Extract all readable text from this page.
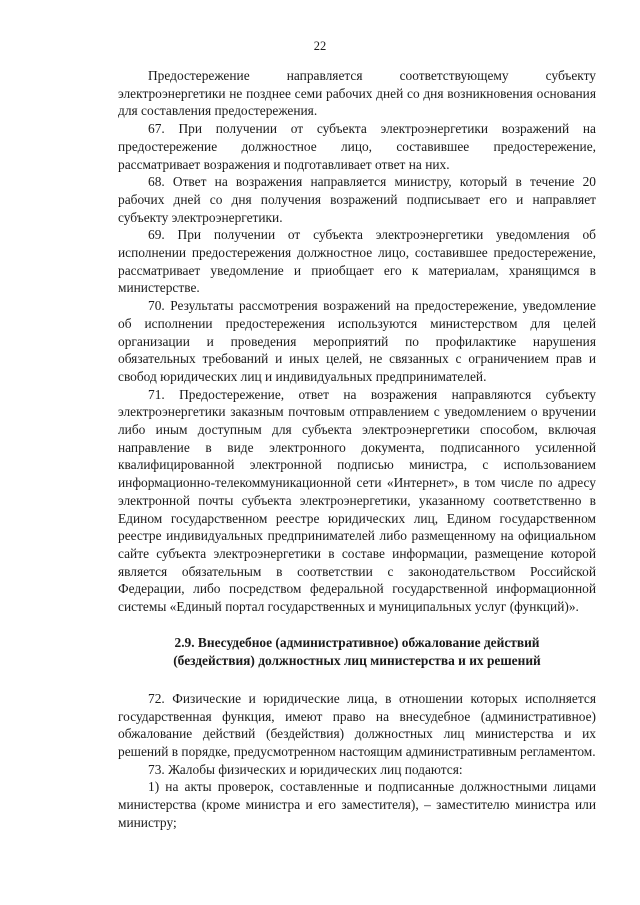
22

Предостережение направляется соответствующему субъекту электроэнергетики не позднее семи рабочих дней со дня возникновения основания для составления предостережения.

67. При получении от субъекта электроэнергетики возражений на предостережение должностное лицо, составившее предостережение, рассматривает возражения и подготавливает ответ на них.

68. Ответ на возражения направляется министру, который в течение 20 рабочих дней со дня получения возражений подписывает его и направляет субъекту электроэнергетики.

69. При получении от субъекта электроэнергетики уведомления об исполнении предостережения должностное лицо, составившее предостережение, рассматривает уведомление и приобщает его к материалам, хранящимся в министерстве.

70. Результаты рассмотрения возражений на предостережение, уведомление об исполнении предостережения используются министерством для целей организации и проведения мероприятий по профилактике нарушения обязательных требований и иных целей, не связанных с ограничением прав и свобод юридических лиц и индивидуальных предпринимателей.

71. Предостережение, ответ на возражения направляются субъекту электроэнергетики заказным почтовым отправлением с уведомлением о вручении либо иным доступным для субъекта электроэнергетики способом, включая направление в виде электронного документа, подписанного усиленной квалифицированной электронной подписью министра, с использованием информационно-телекоммуникационной сети «Интернет», в том числе по адресу электронной почты субъекта электроэнергетики, указанному соответственно в Едином государственном реестре юридических лиц, Едином государственном реестре индивидуальных предпринимателей либо размещенному на официальном сайте субъекта электроэнергетики в составе информации, размещение которой является обязательным в соответствии с законодательством Российской Федерации, либо посредством федеральной государственной информационной системы «Единый портал государственных и муниципальных услуг (функций)».

2.9. Внесудебное (административное) обжалование действий
(бездействия) должностных лиц министерства и их решений

72. Физические и юридические лица, в отношении которых исполняется государственная функция, имеют право на внесудебное (административное) обжалование действий (бездействия) должностных лиц министерства и их решений в порядке, предусмотренном настоящим административным регламентом.

73. Жалобы физических и юридических лиц подаются:

1) на акты проверок, составленные и подписанные должностными лицами министерства (кроме министра и его заместителя), – заместителю министра или министру;
